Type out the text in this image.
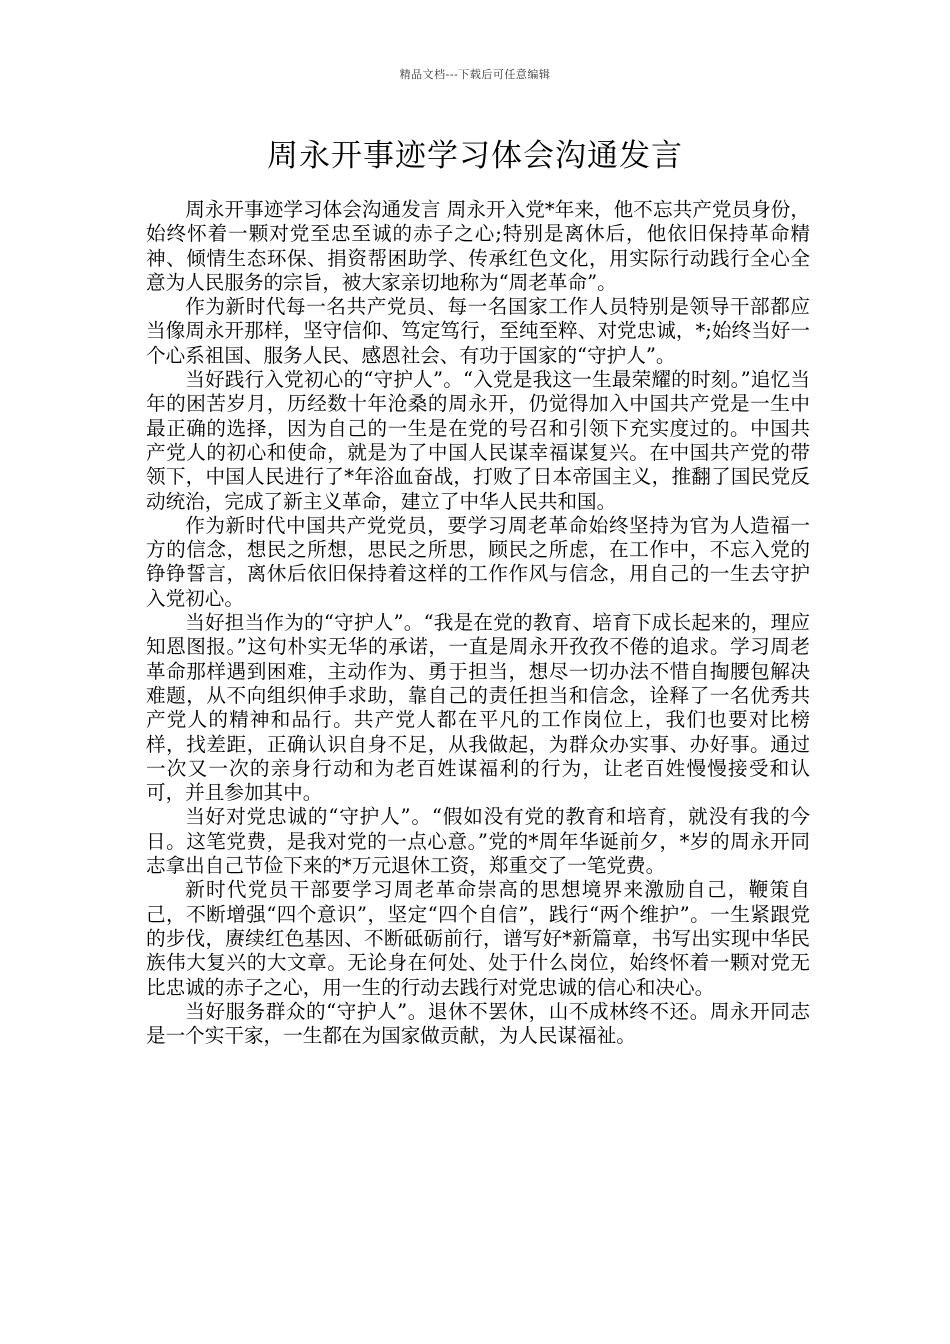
精品文档---下载后可任意编辑
周永开事迹学习体会沟通发言

周永开事迹学习体会沟通发言 周永开入党*年来，他不忘共产党员身份，始终怀着一颗对党至忠至诚的赤子之心;特别是离休后，他依旧保持革命精神、倾情生态环保、捐资帮困助学、传承红色文化，用实际行动践行全心全意为人民服务的宗旨，被大家亲切地称为“周老革命”。

作为新时代每一名共产党员、每一名国家工作人员特别是领导干部都应当像周永开那样，坚守信仰、笃定笃行，至纯至粹、对党忠诚，*;始终当好一个心系祖国、服务人民、感恩社会、有功于国家的“守护人”。

当好践行入党初心的“守护人”。“入党是我这一生最荣耀的时刻。”追忆当年的困苦岁月，历经数十年沧桑的周永开，仍觉得加入中国共产党是一生中最正确的选择，因为自己的一生是在党的号召和引领下充实度过的。中国共产党人的初心和使命，就是为了中国人民谋幸福谋复兴。在中国共产党的带领下，中国人民进行了*年浴血奋战，打败了日本帝国主义，推翻了国民党反动统治，完成了新主义革命，建立了中华人民共和国。

作为新时代中国共产党党员，要学习周老革命始终坚持为官为人造福一方的信念，想民之所想，思民之所思，顾民之所虑，在工作中，不忘入党的铮铮誓言，离休后依旧保持着这样的工作作风与信念，用自己的一生去守护入党初心。

当好担当作为的“守护人”。“我是在党的教育、培育下成长起来的，理应知恩图报。”这句朴实无华的承诺，一直是周永开孜孜不倦的追求。学习周老革命那样遇到困难，主动作为、勇于担当，想尽一切办法不惜自掏腰包解决难题，从不向组织伸手求助，靠自己的责任担当和信念，诠释了一名优秀共产党人的精神和品行。共产党人都在平凡的工作岗位上，我们也要对比榜样，找差距，正确认识自身不足，从我做起，为群众办实事、办好事。通过一次又一次的亲身行动和为老百姓谋福利的行为，让老百姓慢慢接受和认可，并且参加其中。

当好对党忠诚的“守护人”。“假如没有党的教育和培育，就没有我的今日。这笔党费，是我对党的一点心意。”党的*周年华诞前夕，*岁的周永开同志拿出自己节俭下来的*万元退休工资，郑重交了一笔党费。

新时代党员干部要学习周老革命崇高的思想境界来激励自己，鞭策自己，不断增强“四个意识”，坚定“四个自信”，践行“两个维护”。一生紧跟党的步伐，赓续红色基因、不断砥砺前行，谱写好*新篇章，书写出实现中华民族伟大复兴的大文章。无论身在何处、处于什么岗位，始终怀着一颗对党无比忠诚的赤子之心，用一生的行动去践行对党忠诚的信心和决心。

当好服务群众的“守护人”。退休不罢休，山不成林终不还。周永开同志是一个实干家，一生都在为国家做贡献，为人民谋福祉。
